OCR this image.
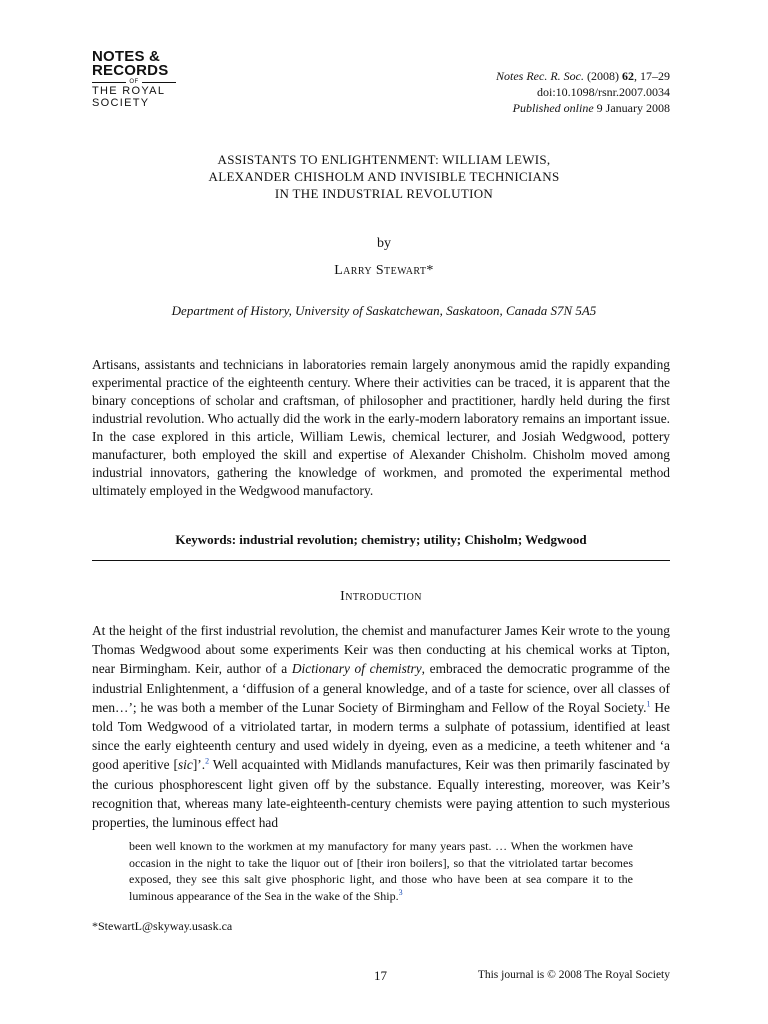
NOTES &
RECORDS
OF
THE ROYAL
SOCIETY
Notes Rec. R. Soc. (2008) 62, 17–29
doi:10.1098/rsnr.2007.0034
Published online 9 January 2008
ASSISTANTS TO ENLIGHTENMENT: WILLIAM LEWIS,
ALEXANDER CHISHOLM AND INVISIBLE TECHNICIANS
IN THE INDUSTRIAL REVOLUTION
by
Larry Stewart*
Department of History, University of Saskatchewan, Saskatoon, Canada S7N 5A5

Artisans, assistants and technicians in laboratories remain largely anonymous amid the rapidly expanding experimental practice of the eighteenth century. Where their activities can be traced, it is apparent that the binary conceptions of scholar and craftsman, of philosopher and practitioner, hardly held during the first industrial revolution. Who actually did the work in the early-modern laboratory remains an important issue. In the case explored in this article, William Lewis, chemical lecturer, and Josiah Wedgwood, pottery manufacturer, both employed the skill and expertise of Alexander Chisholm. Chisholm moved among industrial innovators, gathering the knowledge of workmen, and promoted the experimental method ultimately employed in the Wedgwood manufactory.

Keywords: industrial revolution; chemistry; utility; Chisholm; Wedgwood
Introduction

At the height of the first industrial revolution, the chemist and manufacturer James Keir wrote to the young Thomas Wedgwood about some experiments Keir was then conducting at his chemical works at Tipton, near Birmingham. Keir, author of a Dictionary of chemistry, embraced the democratic programme of the industrial Enlightenment, a ‘diffusion of a general knowledge, and of a taste for science, over all classes of men…’; he was both a member of the Lunar Society of Birmingham and Fellow of the Royal Society.$^1$ He told Tom Wedgwood of a vitriolated tartar, in modern terms a sulphate of potassium, identified at least since the early eighteenth century and used widely in dyeing, even as a medicine, a teeth whitener and ‘a good aperitive [sic]’.$^2$ Well acquainted with Midlands manufactures, Keir was then primarily fascinated by the curious phosphorescent light given off by the substance. Equally interesting, moreover, was Keir’s recognition that, whereas many late-eighteenth-century chemists were paying attention to such mysterious properties, the luminous effect had

been well known to the workmen at my manufactory for many years past. … When the workmen have occasion in the night to take the liquor out of [their iron boilers], so that the vitriolated tartar becomes exposed, they see this salt give phosphoric light, and those who have been at sea compare it to the luminous appearance of the Sea in the wake of the Ship.$^3$

*StewartL@skyway.usask.ca
17	This journal is © 2008 The Royal Society
